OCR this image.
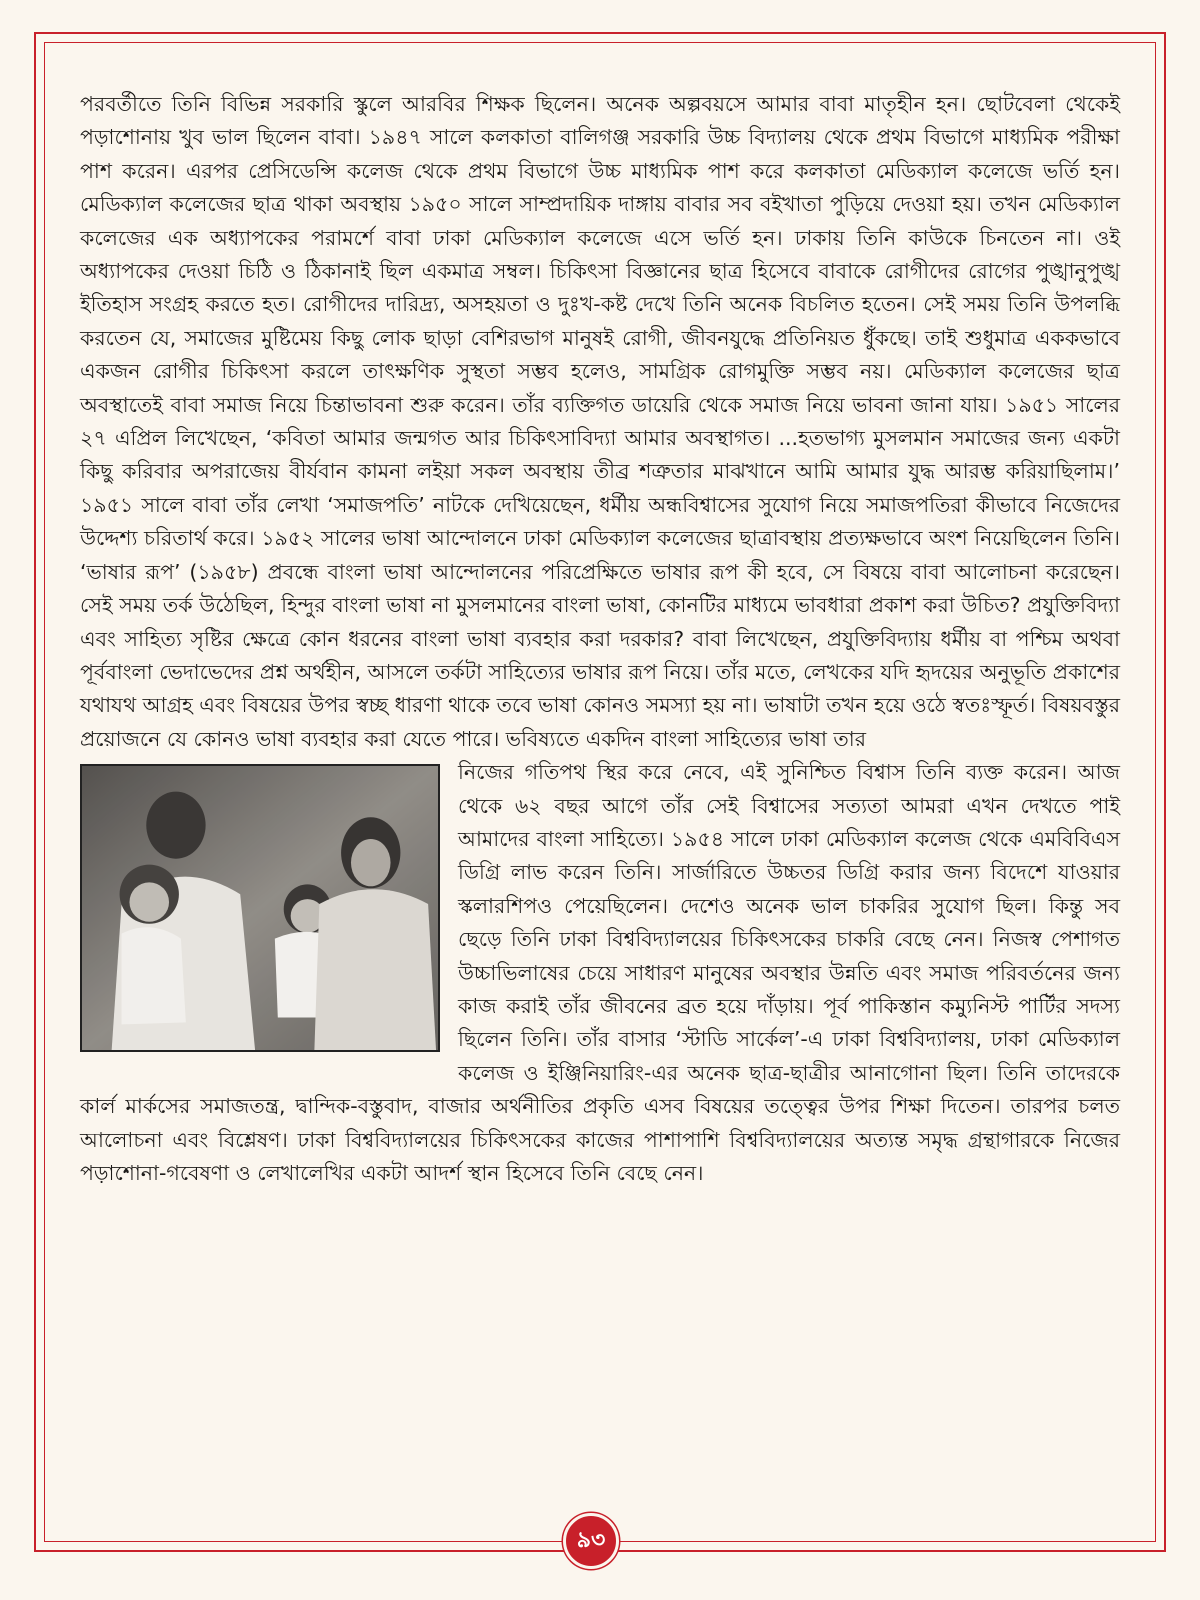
পরবর্তীতে তিনি বিভিন্ন সরকারি স্কুলে আরবির শিক্ষক ছিলেন। অনেক অল্পবয়সে আমার বাবা মাতৃহীন হন। ছোটবেলা থেকেই পড়াশোনায় খুব ভাল ছিলেন বাবা। ১৯৪৭ সালে কলকাতা বালিগঞ্জ সরকারি উচ্চ বিদ্যালয় থেকে প্রথম বিভাগে মাধ্যমিক পরীক্ষা পাশ করেন। এরপর প্রেসিডেন্সি কলেজ থেকে প্রথম বিভাগে উচ্চ মাধ্যমিক পাশ করে কলকাতা মেডিক্যাল কলেজে ভর্তি হন। মেডিক্যাল কলেজের ছাত্র থাকা অবস্থায় ১৯৫০ সালে সাম্প্রদায়িক দাঙ্গায় বাবার সব বইখাতা পুড়িয়ে দেওয়া হয়। তখন মেডিক্যাল কলেজের এক অধ্যাপকের পরামর্শে বাবা ঢাকা মেডিক্যাল কলেজে এসে ভর্তি হন। ঢাকায় তিনি কাউকে চিনতেন না। ওই অধ্যাপকের দেওয়া চিঠি ও ঠিকানাই ছিল একমাত্র সম্বল। চিকিৎসা বিজ্ঞানের ছাত্র হিসেবে বাবাকে রোগীদের রোগের পুঙ্খানুপুঙ্খ ইতিহাস সংগ্রহ করতে হত। রোগীদের দারিদ্র্য, অসহয়তা ও দুঃখ-কষ্ট দেখে তিনি অনেক বিচলিত হতেন। সেই সময় তিনি উপলব্ধি করতেন যে, সমাজের মুষ্টিমেয় কিছু লোক ছাড়া বেশিরভাগ মানুষই রোগী, জীবনযুদ্ধে প্রতিনিয়ত ধুঁকছে। তাই শুধুমাত্র এককভাবে একজন রোগীর চিকিৎসা করলে তাৎক্ষণিক সুস্থতা সম্ভব হলেও, সামগ্রিক রোগমুক্তি সম্ভব নয়। মেডিক্যাল কলেজের ছাত্র অবস্থাতেই বাবা সমাজ নিয়ে চিন্তাভাবনা শুরু করেন। তাঁর ব্যক্তিগত ডায়েরি থেকে সমাজ নিয়ে ভাবনা জানা যায়। ১৯৫১ সালের ২৭ এপ্রিল লিখেছেন, ‘কবিতা আমার জন্মগত আর চিকিৎসাবিদ্যা আমার অবস্থাগত। ...হতভাগ্য মুসলমান সমাজের জন্য একটা কিছু করিবার অপরাজেয় বীর্যবান কামনা লইয়া সকল অবস্থায় তীব্র শত্রুতার মাঝখানে আমি আমার যুদ্ধ আরম্ভ করিয়াছিলাম।’ ১৯৫১ সালে বাবা তাঁর লেখা ‘সমাজপতি’ নাটকে দেখিয়েছেন, ধর্মীয় অন্ধবিশ্বাসের সুযোগ নিয়ে সমাজপতিরা কীভাবে নিজেদের উদ্দেশ্য চরিতার্থ করে। ১৯৫২ সালের ভাষা আন্দোলনে ঢাকা মেডিক্যাল কলেজের ছাত্রাবস্থায় প্রত্যক্ষভাবে অংশ নিয়েছিলেন তিনি। ‘ভাষার রূপ’ (১৯৫৮) প্রবন্ধে বাংলা ভাষা আন্দোলনের পরিপ্রেক্ষিতে ভাষার রূপ কী হবে, সে বিষয়ে বাবা আলোচনা করেছেন। সেই সময় তর্ক উঠেছিল, হিন্দুর বাংলা ভাষা না মুসলমানের বাংলা ভাষা, কোনটির মাধ্যমে ভাবধারা প্রকাশ করা উচিত? প্রযুক্তিবিদ্যা এবং সাহিত্য সৃষ্টির ক্ষেত্রে কোন ধরনের বাংলা ভাষা ব্যবহার করা দরকার? বাবা লিখেছেন, প্রযুক্তিবিদ্যায় ধর্মীয় বা পশ্চিম অথবা পূর্ববাংলা ভেদাভেদের প্রশ্ন অর্থহীন, আসলে তর্কটা সাহিত্যের ভাষার রূপ নিয়ে। তাঁর মতে, লেখকের যদি হৃদয়ের অনুভূতি প্রকাশের যথাযথ আগ্রহ এবং বিষয়ের উপর স্বচ্ছ ধারণা থাকে তবে ভাষা কোনও সমস্যা হয় না। ভাষাটা তখন হয়ে ওঠে স্বতঃস্ফূর্ত। বিষয়বস্তুর প্রয়োজনে যে কোনও ভাষা ব্যবহার করা যেতে পারে। ভবিষ্যতে একদিন বাংলা সাহিত্যের ভাষা তার

নিজের গতিপথ স্থির করে নেবে, এই সুনিশ্চিত বিশ্বাস তিনি ব্যক্ত করেন। আজ থেকে ৬২ বছর আগে তাঁর সেই বিশ্বাসের সত্যতা আমরা এখন দেখতে পাই আমাদের বাংলা সাহিত্যে। ১৯৫৪ সালে ঢাকা মেডিক্যাল কলেজ থেকে এমবিবিএস ডিগ্রি লাভ করেন তিনি। সার্জারিতে উচ্চতর ডিগ্রি করার জন্য বিদেশে যাওয়ার স্কলারশিপও পেয়েছিলেন। দেশেও অনেক ভাল চাকরির সুযোগ ছিল। কিন্তু সব ছেড়ে তিনি ঢাকা বিশ্ববিদ্যালয়ের চিকিৎসকের চাকরি বেছে নেন। নিজস্ব পেশাগত উচ্চাভিলাষের চেয়ে সাধারণ মানুষের অবস্থার উন্নতি এবং সমাজ পরিবর্তনের জন্য কাজ করাই তাঁর জীবনের ব্রত হয়ে দাঁড়ায়। পূর্ব পাকিস্তান কম্যুনিস্ট পার্টির সদস্য ছিলেন তিনি। তাঁর বাসার ‘স্টাডি সার্কেল’-এ ঢাকা বিশ্ববিদ্যালয়, ঢাকা মেডিক্যাল কলেজ ও ইঞ্জিনিয়ারিং-এর অনেক ছাত্র-ছাত্রীর আনাগোনা ছিল। তিনি তাদেরকে কার্ল মার্কসের সমাজতন্ত্র, দ্বান্দিক-বস্তুবাদ, বাজার অর্থনীতির প্রকৃতি এসব বিষয়ের তত্ত্বের উপর শিক্ষা দিতেন। তারপর চলত আলোচনা এবং বিশ্লেষণ। ঢাকা বিশ্ববিদ্যালয়ের চিকিৎসকের কাজের পাশাপাশি বিশ্ববিদ্যালয়ের অত্যন্ত সমৃদ্ধ গ্রন্থাগারকে নিজের পড়াশোনা-গবেষণা ও লেখালেখির একটা আদর্শ স্থান হিসেবে তিনি বেছে নেন।

৯৩
